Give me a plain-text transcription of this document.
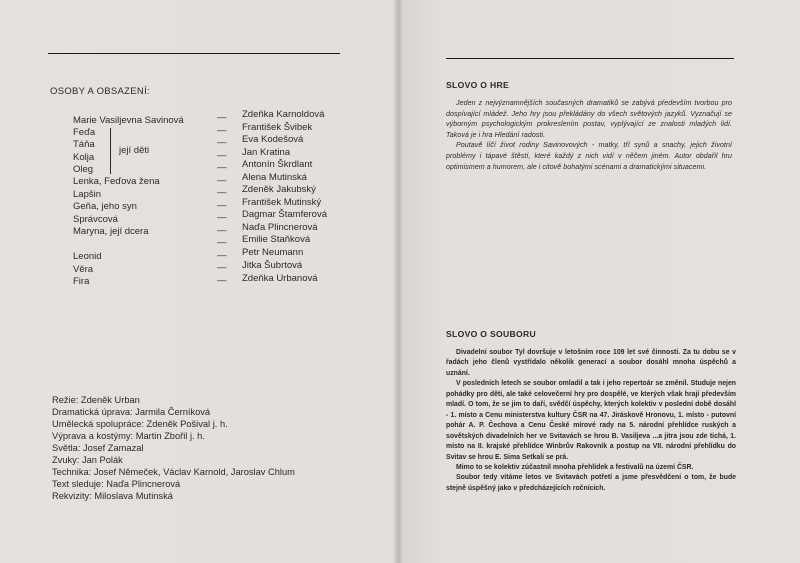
OSOBY A OBSAZENÍ:
Marie Vasiljevna Savinová
Feďa
Táňa
Kolja
Oleg
Lenka, Feďova žena
Lapšin
Geňa, jeho syn
Správcová
Maryna, její dcera
Leonid
Věra
Fira
její děti
—
—
—
—
—
—
—
—
—
—
—
—
—
—
Zdeňka Karnoldová
František Švibek
Eva Kodešová
Jan Kratina
Antonín Škrdlant
Alena Mutinská
Zdeněk Jakubský
František Mutinský
Dagmar Štamferová
Naďa Plincnerová
Emilie Staňková
Petr Neumann
Jitka Šubrtová
Zdeňka Urbanová
Režie: Zdeněk Urban
Dramatická úprava: Jarmila Černíková
Umělecká spolupráce: Zdeněk Pošival j. h.
Výprava a kostýmy: Martin Zbořil j. h.
Světla: Josef Zamazal
Zvuky: Jan Polák
Technika: Josef Němeček, Václav Karnold, Jaroslav Chlum
Text sleduje: Naďa Plincnerová
Rekvizity: Miloslava Mutinská
SLOVO O HRE

Jeden z nejvýznamnějších současných dramatiků se zabývá především tvorbou pro dospívající mládež. Jeho hry jsou překládány do všech světových jazyků. Vyznačují se výborným psychologickým prokreslením postav, vyplývající ze znalosti mladých lidí. Taková je i hra Hledání radosti.

Poutavě líčí život rodiny Savinovových - matky, tří synů a snachy, jejich životní problémy i tápavé štěstí, které každý z nich vidí v něčem jiném. Autor obdařil hru optimismem a humorem, ale i citově bohatými scénami a dramatickými situacemi.

SLOVO O SOUBORU

Divadelní soubor Tyl dovršuje v letošním roce 109 let své činnosti. Za tu dobu se v řadách jeho členů vystřídalo několik generací a soubor dosáhl mnoha úspěchů a uznání.

V posledních letech se soubor omladil a tak i jeho repertoár se změnil. Studuje nejen pohádky pro děti, ale také celovečerní hry pro dospělé, ve kterých však hrají především mladí. O tom, že se jim to daří, svědčí úspěchy, kterých kolektiv v poslední době dosáhl - 1. místo a Cenu ministerstva kultury ČSR na 47. Jiráskově Hronovu, 1. místo - putovní pohár A. P. Čechova a Cenu České mírové rady na 5. národní přehlídce ruských a sovětských divadelních her ve Svitavách se hrou B. Vasiljeva ...a jitra jsou zde tichá, 1. místo na II. krajské přehlídce Winbrův Rakovník a postup na VII. národní přehlídku do Svitav se hrou E. Sima Setkali se prá.

Mimo to se kolektiv zúčastnil mnoha přehlídek a festivalů na území ČSR.

Soubor tedy vítáme letos ve Svitavách potřetí a jsme přesvědčeni o tom, že bude stejně úspěšný jako v předcházejících ročnících.
